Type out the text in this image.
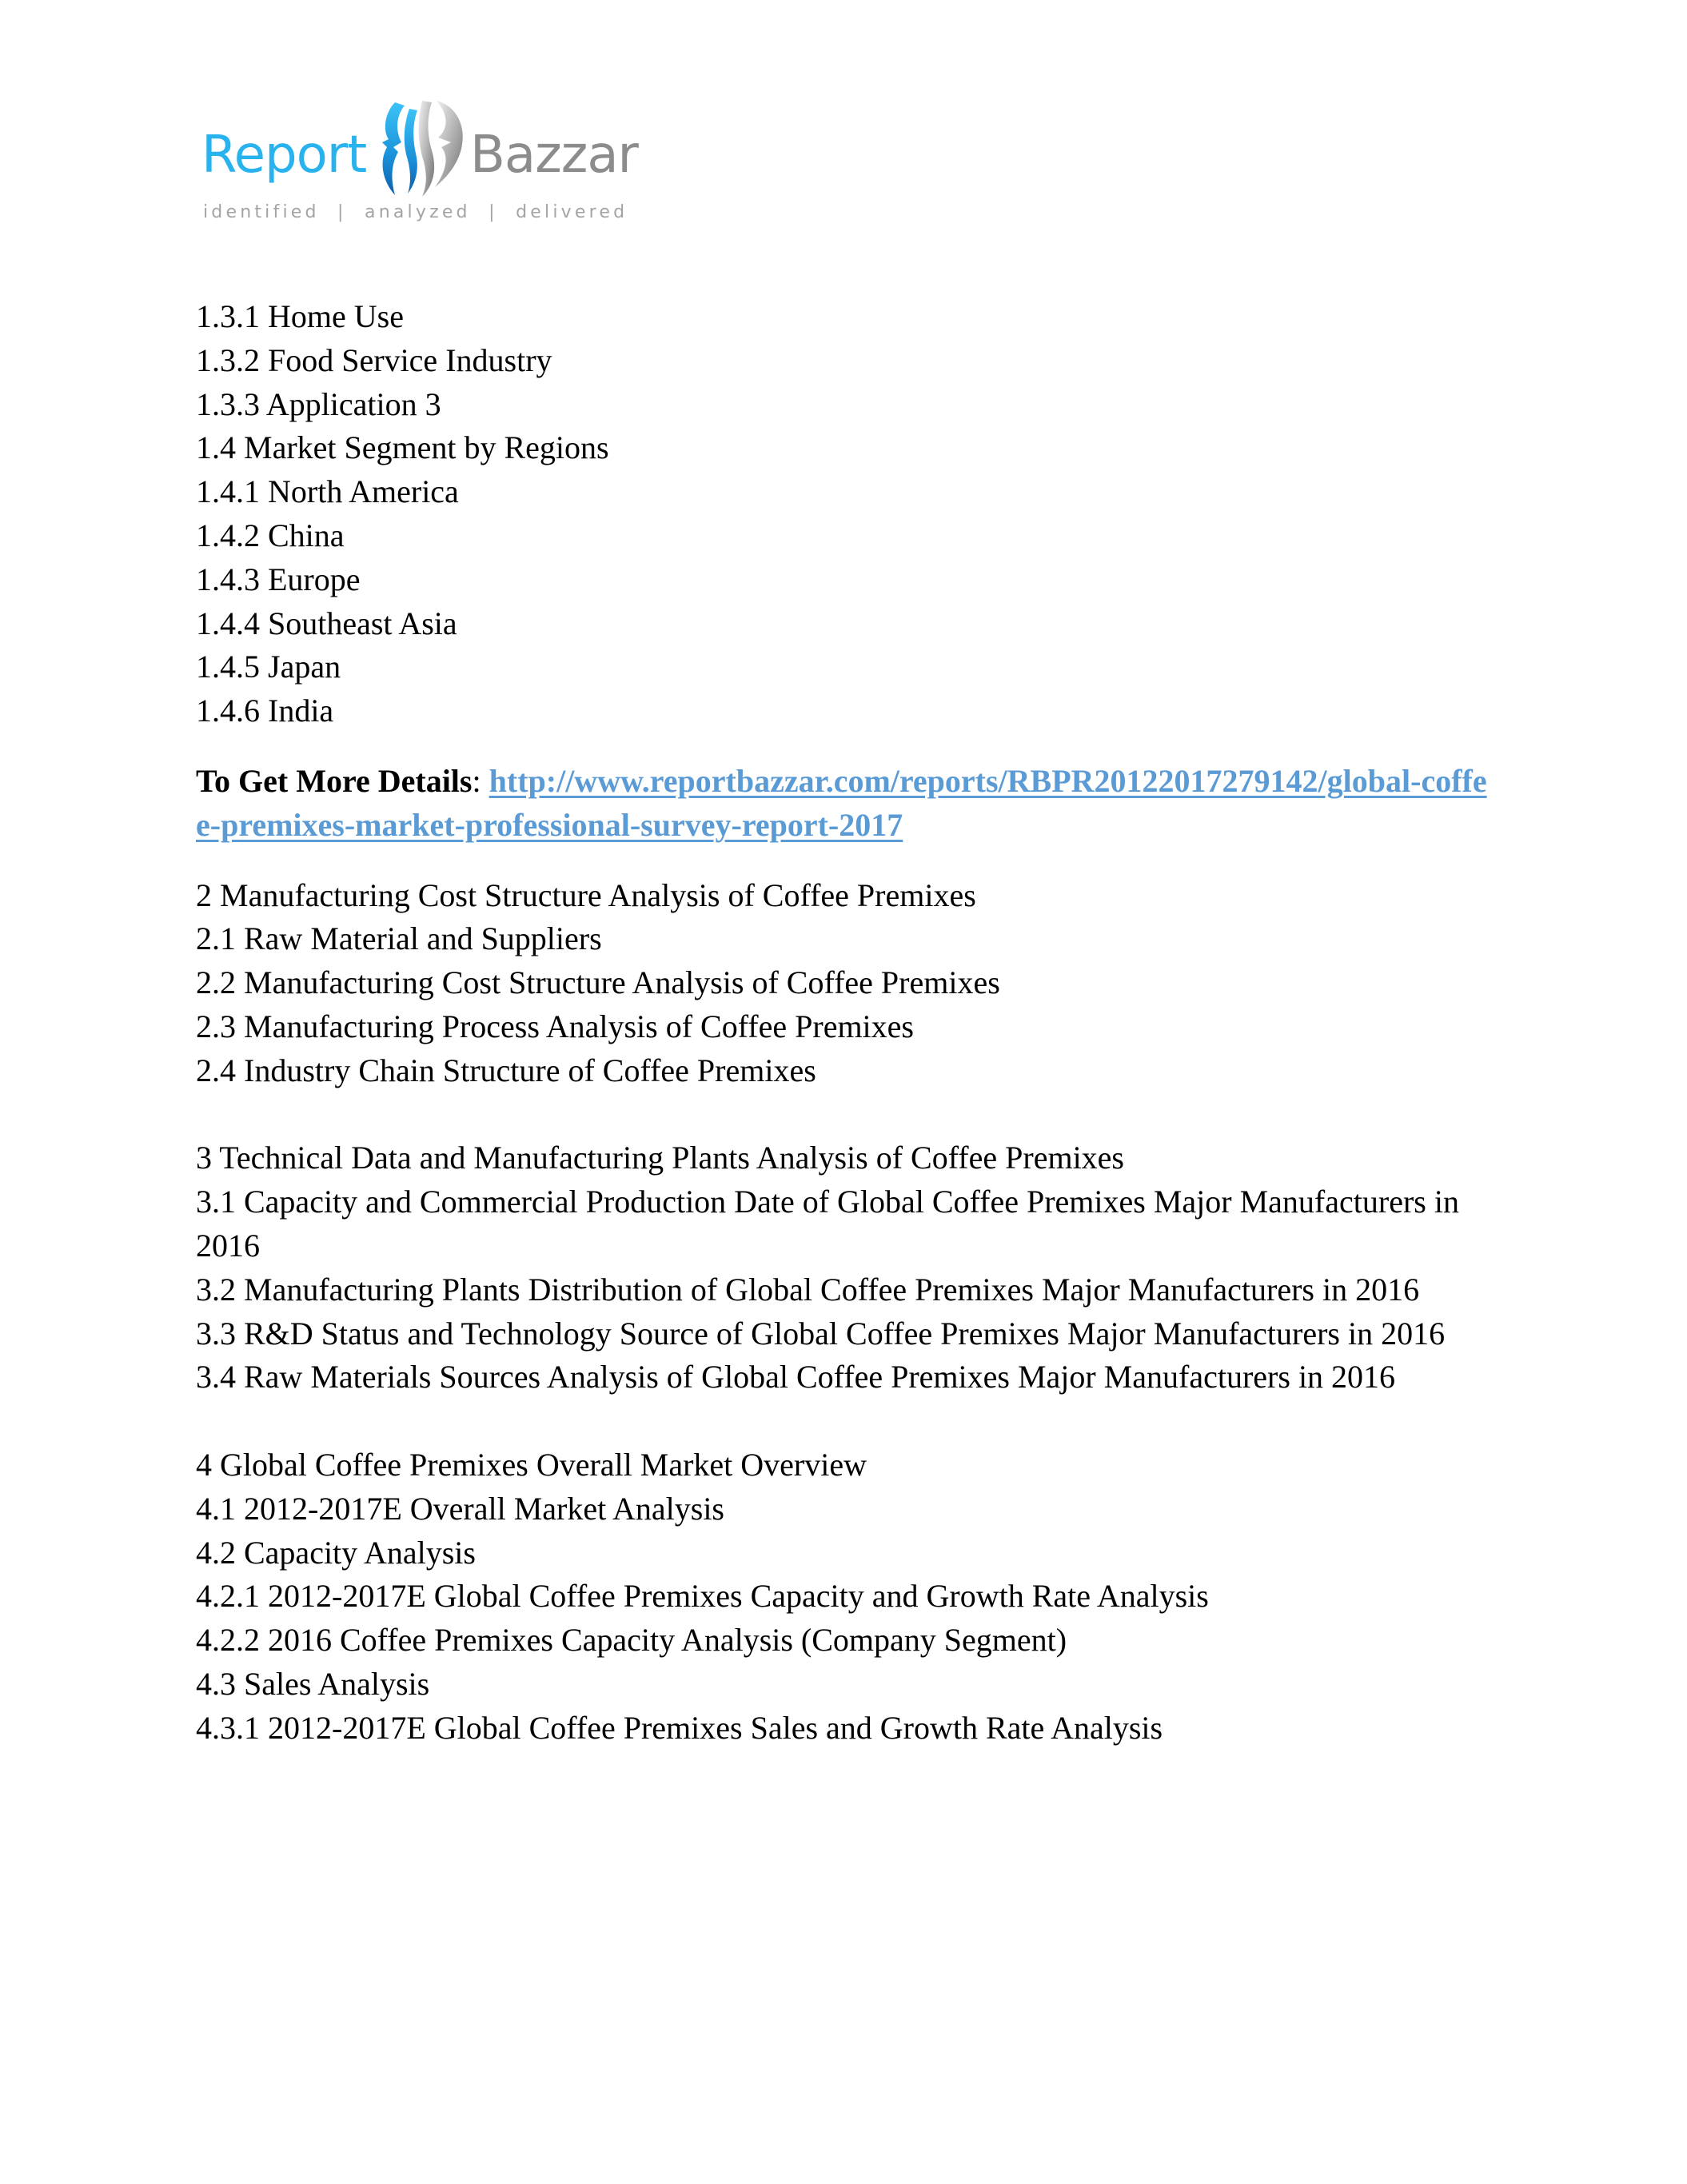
Report Bazzar
identified  |  analyzed  |  delivered
1.3.1 Home Use
1.3.2 Food Service Industry
1.3.3 Application 3
1.4 Market Segment by Regions
1.4.1 North America
1.4.2 China
1.4.3 Europe
1.4.4 Southeast Asia
1.4.5 Japan
1.4.6 India
To Get More Details: http://www.reportbazzar.com/reports/RBPR20122017279142/global-coffee-premixes-market-professional-survey-report-2017
2 Manufacturing Cost Structure Analysis of Coffee Premixes
2.1 Raw Material and Suppliers
2.2 Manufacturing Cost Structure Analysis of Coffee Premixes
2.3 Manufacturing Process Analysis of Coffee Premixes
2.4 Industry Chain Structure of Coffee Premixes
3 Technical Data and Manufacturing Plants Analysis of Coffee Premixes
3.1 Capacity and Commercial Production Date of Global Coffee Premixes Major Manufacturers in 2016
3.2 Manufacturing Plants Distribution of Global Coffee Premixes Major Manufacturers in 2016
3.3 R&D Status and Technology Source of Global Coffee Premixes Major Manufacturers in 2016
3.4 Raw Materials Sources Analysis of Global Coffee Premixes Major Manufacturers in 2016
4 Global Coffee Premixes Overall Market Overview
4.1 2012-2017E Overall Market Analysis
4.2 Capacity Analysis
4.2.1 2012-2017E Global Coffee Premixes Capacity and Growth Rate Analysis
4.2.2 2016 Coffee Premixes Capacity Analysis (Company Segment)
4.3 Sales Analysis
4.3.1 2012-2017E Global Coffee Premixes Sales and Growth Rate Analysis
